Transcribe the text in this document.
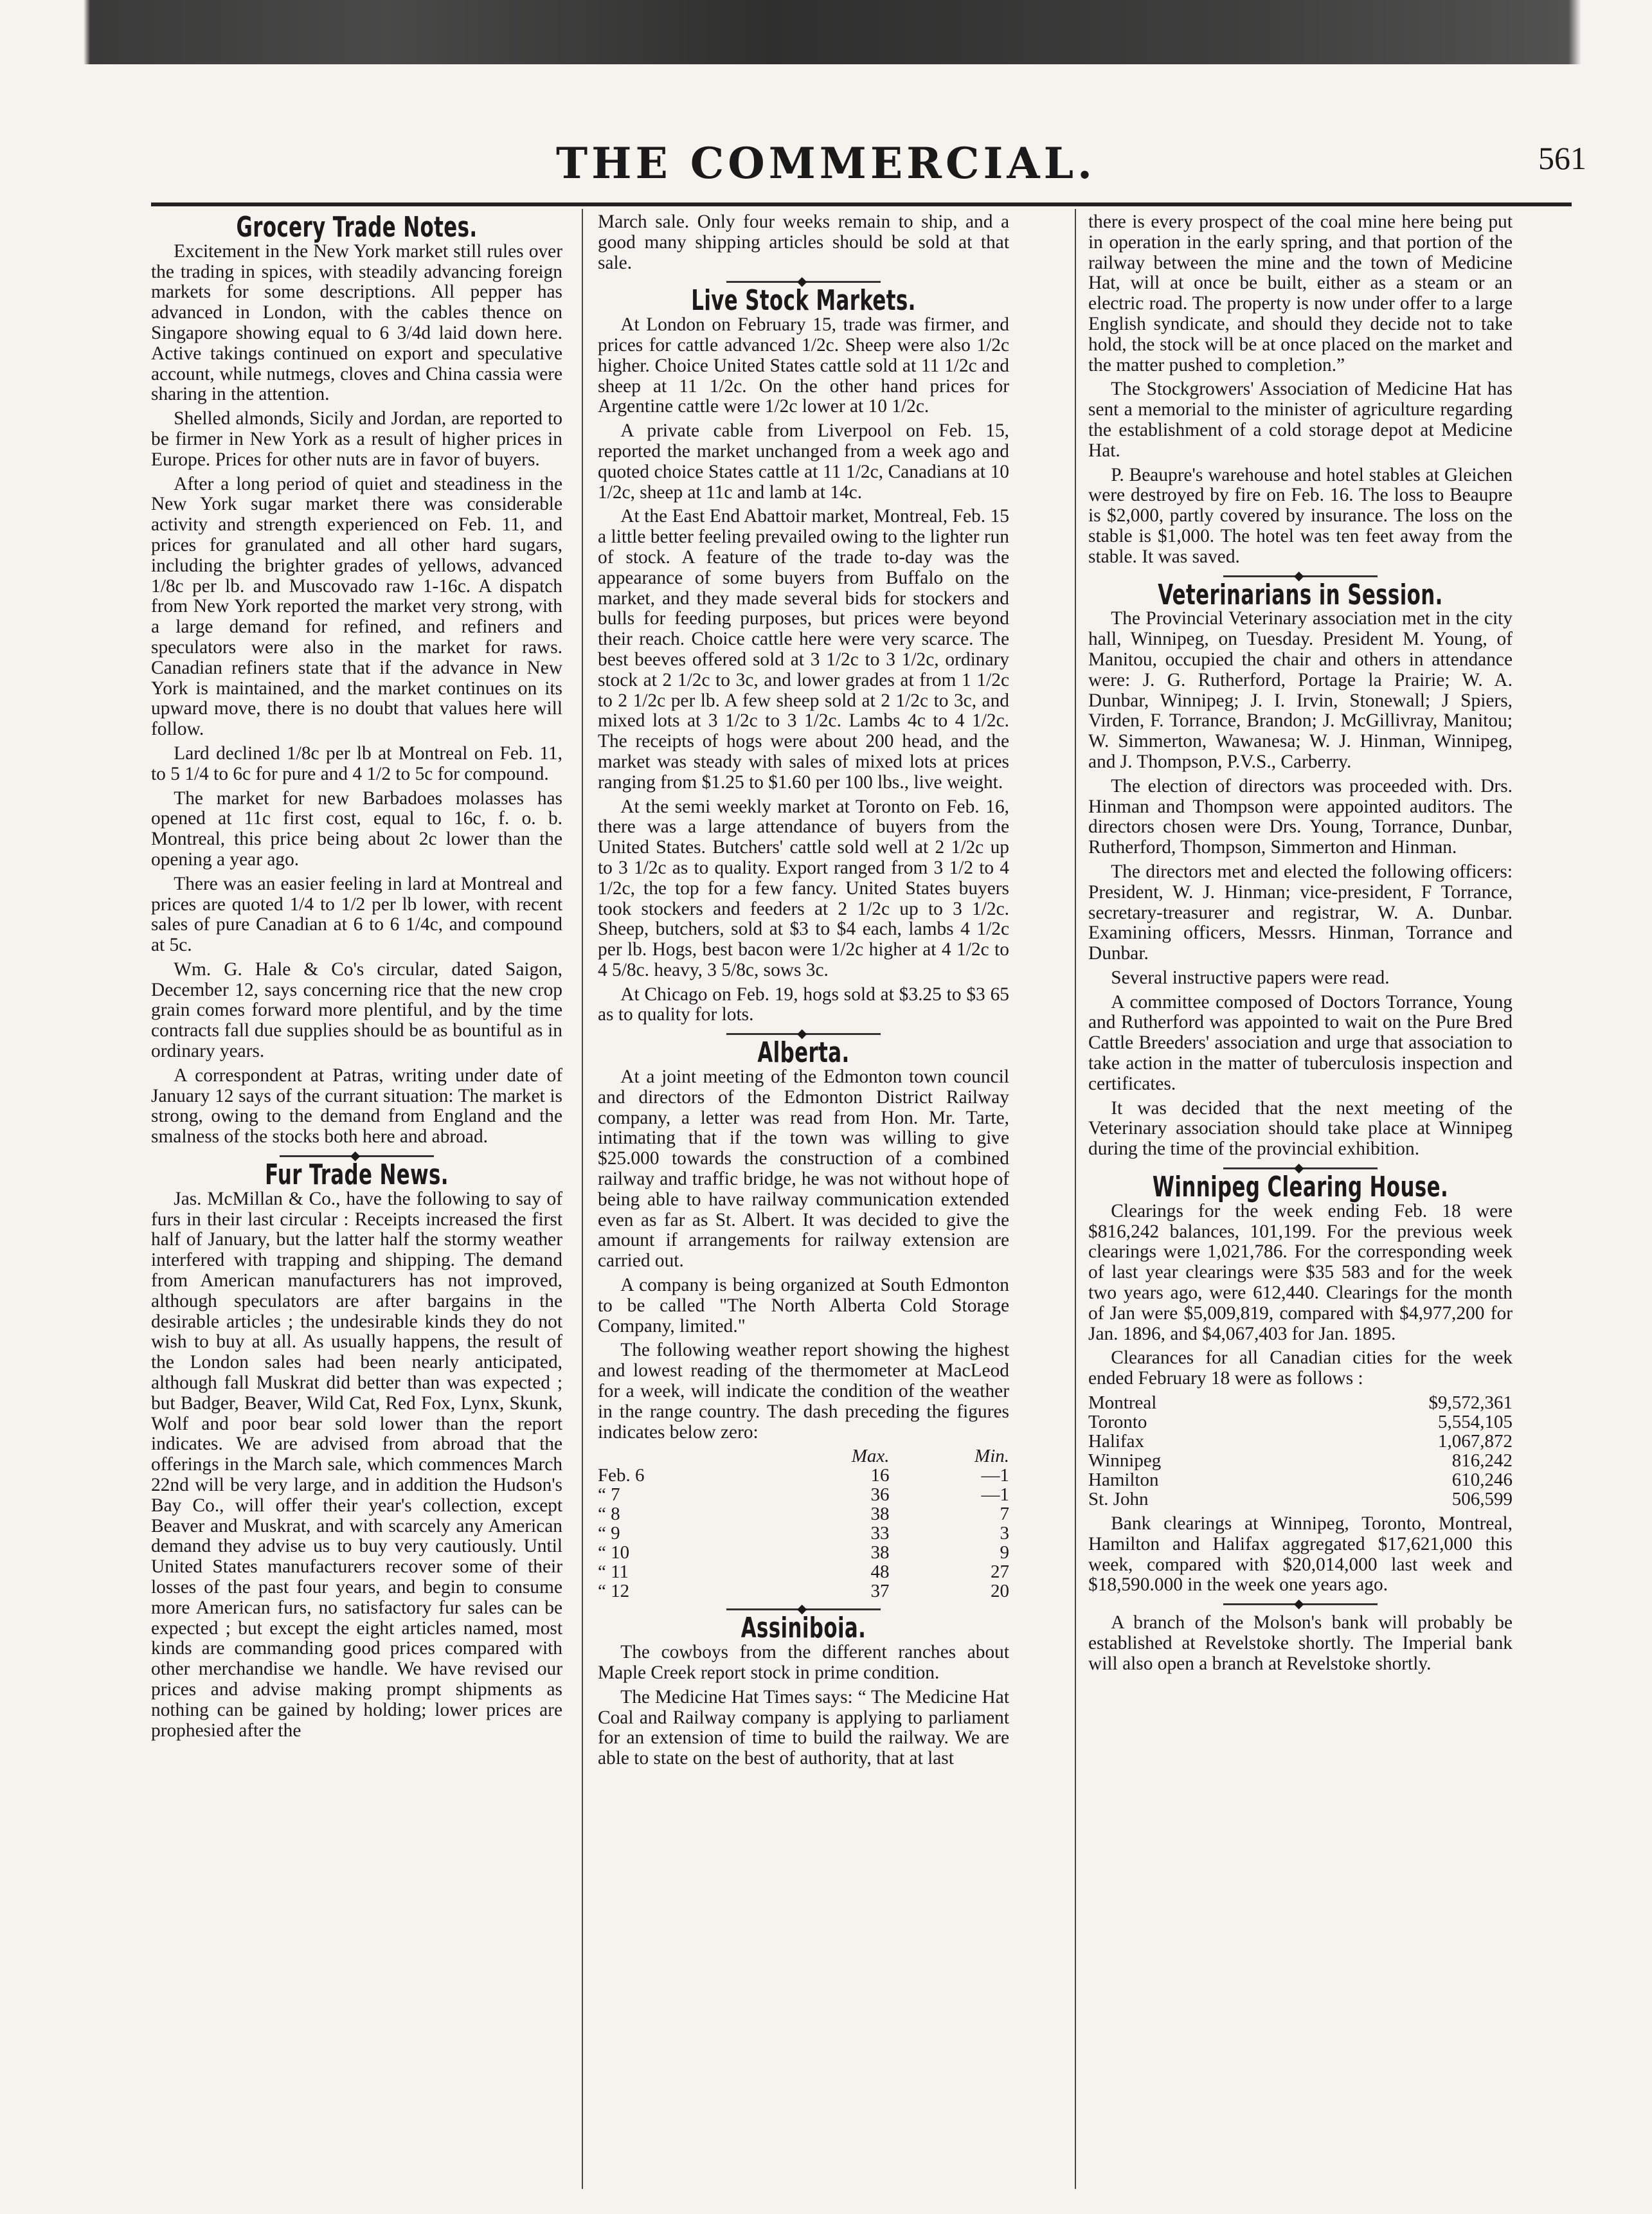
THE COMMERCIAL.	561
Grocery Trade Notes.

Excitement in the New York market still rules over the trading in spices, with steadily advancing foreign markets for some descriptions. All pepper has advanced in London, with the cables thence on Singapore showing equal to 6 3/4d laid down here. Active takings continued on export and speculative account, while nutmegs, cloves and China cassia were sharing in the attention.

Shelled almonds, Sicily and Jordan, are reported to be firmer in New York as a result of higher prices in Europe. Prices for other nuts are in favor of buyers.

After a long period of quiet and steadiness in the New York sugar market there was considerable activity and strength experienced on Feb. 11, and prices for granulated and all other hard sugars, including the brighter grades of yellows, advanced 1/8c per lb. and Muscovado raw 1-16c. A dispatch from New York reported the market very strong, with a large demand for refined, and refiners and speculators were also in the market for raws. Canadian refiners state that if the advance in New York is maintained, and the market continues on its upward move, there is no doubt that values here will follow.

Lard declined 1/8c per lb at Montreal on Feb. 11, to 5 1/4 to 6c for pure and 4 1/2 to 5c for compound.

The market for new Barbadoes molasses has opened at 11c first cost, equal to 16c, f. o. b. Montreal, this price being about 2c lower than the opening a year ago.

There was an easier feeling in lard at Montreal and prices are quoted 1/4 to 1/2 per lb lower, with recent sales of pure Canadian at 6 to 6 1/4c, and compound at 5c.

Wm. G. Hale & Co's circular, dated Saigon, December 12, says concerning rice that the new crop grain comes forward more plentiful, and by the time contracts fall due supplies should be as bountiful as in ordinary years.

A correspondent at Patras, writing under date of January 12 says of the currant situation: The market is strong, owing to the demand from England and the smalness of the stocks both here and abroad.

◆
Fur Trade News.

Jas. McMillan & Co., have the following to say of furs in their last circular : Receipts increased the first half of January, but the latter half the stormy weather interfered with trapping and shipping. The demand from American manufacturers has not improved, although speculators are after bargains in the desirable articles ; the undesirable kinds they do not wish to buy at all. As usually happens, the result of the London sales had been nearly anticipated, although fall Muskrat did better than was expected ; but Badger, Beaver, Wild Cat, Red Fox, Lynx, Skunk, Wolf and poor bear sold lower than the report indicates. We are advised from abroad that the offerings in the March sale, which commences March 22nd will be very large, and in addition the Hudson's Bay Co., will offer their year's collection, except Beaver and Muskrat, and with scarcely any American demand they advise us to buy very cautiously. Until United States manufacturers recover some of their losses of the past four years, and begin to consume more American furs, no satisfactory fur sales can be expected ; but except the eight articles named, most kinds are commanding good prices compared with other merchandise we handle. We have revised our prices and advise making prompt shipments as nothing can be gained by holding; lower prices are prophesied after the

March sale. Only four weeks remain to ship, and a good many shipping articles should be sold at that sale.

◆
Live Stock Markets.

At London on February 15, trade was firmer, and prices for cattle advanced 1/2c. Sheep were also 1/2c higher. Choice United States cattle sold at 11 1/2c and sheep at 11 1/2c. On the other hand prices for Argentine cattle were 1/2c lower at 10 1/2c.

A private cable from Liverpool on Feb. 15, reported the market unchanged from a week ago and quoted choice States cattle at 11 1/2c, Canadians at 10 1/2c, sheep at 11c and lamb at 14c.

At the East End Abattoir market, Montreal, Feb. 15 a little better feeling prevailed owing to the lighter run of stock. A feature of the trade to-day was the appearance of some buyers from Buffalo on the market, and they made several bids for stockers and bulls for feeding purposes, but prices were beyond their reach. Choice cattle here were very scarce. The best beeves offered sold at 3 1/2c to 3 1/2c, ordinary stock at 2 1/2c to 3c, and lower grades at from 1 1/2c to 2 1/2c per lb. A few sheep sold at 2 1/2c to 3c, and mixed lots at 3 1/2c to 3 1/2c. Lambs 4c to 4 1/2c. The receipts of hogs were about 200 head, and the market was steady with sales of mixed lots at prices ranging from $1.25 to $1.60 per 100 lbs., live weight.

At the semi weekly market at Toronto on Feb. 16, there was a large attendance of buyers from the United States. Butchers' cattle sold well at 2 1/2c up to 3 1/2c as to quality. Export ranged from 3 1/2 to 4 1/2c, the top for a few fancy. United States buyers took stockers and feeders at 2 1/2c up to 3 1/2c. Sheep, butchers, sold at $3 to $4 each, lambs 4 1/2c per lb. Hogs, best bacon were 1/2c higher at 4 1/2c to 4 5/8c. heavy, 3 5/8c, sows 3c.

At Chicago on Feb. 19, hogs sold at $3.25 to $3 65 as to quality for lots.

◆
Alberta.

At a joint meeting of the Edmonton town council and directors of the Edmonton District Railway company, a letter was read from Hon. Mr. Tarte, intimating that if the town was willing to give $25.000 towards the construction of a combined railway and traffic bridge, he was not without hope of being able to have railway communication extended even as far as St. Albert. It was decided to give the amount if arrangements for railway extension are carried out.

A company is being organized at South Edmonton to be called "The North Alberta Cold Storage Company, limited."

The following weather report showing the highest and lowest reading of the thermometer at MacLeod for a week, will indicate the condition of the weather in the range country. The dash preceding the figures indicates below zero:

	Max.	Min.
Feb. 6	16	—1
“ 7	36	—1
“ 8	38	7
“ 9	33	3
“ 10	38	9
“ 11	48	27
“ 12	37	20
◆
Assiniboia.

The cowboys from the different ranches about Maple Creek report stock in prime condition.

The Medicine Hat Times says: “ The Medicine Hat Coal and Railway company is applying to parliament for an extension of time to build the railway. We are able to state on the best of authority, that at last

there is every prospect of the coal mine here being put in operation in the early spring, and that portion of the railway between the mine and the town of Medicine Hat, will at once be built, either as a steam or an electric road. The property is now under offer to a large English syndicate, and should they decide not to take hold, the stock will be at once placed on the market and the matter pushed to completion.”

The Stockgrowers' Association of Medicine Hat has sent a memorial to the minister of agriculture regarding the establishment of a cold storage depot at Medicine Hat.

P. Beaupre's warehouse and hotel stables at Gleichen were destroyed by fire on Feb. 16. The loss to Beaupre is $2,000, partly covered by insurance. The loss on the stable is $1,000. The hotel was ten feet away from the stable. It was saved.

◆
Veterinarians in Session.

The Provincial Veterinary association met in the city hall, Winnipeg, on Tuesday. President M. Young, of Manitou, occupied the chair and others in attendance were: J. G. Rutherford, Portage la Prairie; W. A. Dunbar, Winnipeg; J. I. Irvin, Stonewall; J Spiers, Virden, F. Torrance, Brandon; J. McGillivray, Manitou; W. Simmerton, Wawanesa; W. J. Hinman, Winnipeg, and J. Thompson, P.V.S., Carberry.

The election of directors was proceeded with. Drs. Hinman and Thompson were appointed auditors. The directors chosen were Drs. Young, Torrance, Dunbar, Rutherford, Thompson, Simmerton and Hinman.

The directors met and elected the following officers: President, W. J. Hinman; vice-president, F Torrance, secretary-treasurer and registrar, W. A. Dunbar. Examining officers, Messrs. Hinman, Torrance and Dunbar.

Several instructive papers were read.

A committee composed of Doctors Torrance, Young and Rutherford was appointed to wait on the Pure Bred Cattle Breeders' association and urge that association to take action in the matter of tuberculosis inspection and certificates.

It was decided that the next meeting of the Veterinary association should take place at Winnipeg during the time of the provincial exhibition.

◆
Winnipeg Clearing House.

Clearings for the week ending Feb. 18 were $816,242 balances, 101,199. For the previous week clearings were 1,021,786. For the corresponding week of last year clearings were $35 583 and for the week two years ago, were 612,440. Clearings for the month of Jan were $5,009,819, compared with $4,977,200 for Jan. 1896, and $4,067,403 for Jan. 1895.

Clearances for all Canadian cities for the week ended February 18 were as follows :

Montreal	$9,572,361
Toronto	5,554,105
Halifax	1,067,872
Winnipeg	816,242
Hamilton	610,246
St. John	506,599

Bank clearings at Winnipeg, Toronto, Montreal, Hamilton and Halifax aggregated $17,621,000 this week, compared with $20,014,000 last week and $18,590.000 in the week one years ago.

◆

A branch of the Molson's bank will probably be established at Revelstoke shortly. The Imperial bank will also open a branch at Revelstoke shortly.
